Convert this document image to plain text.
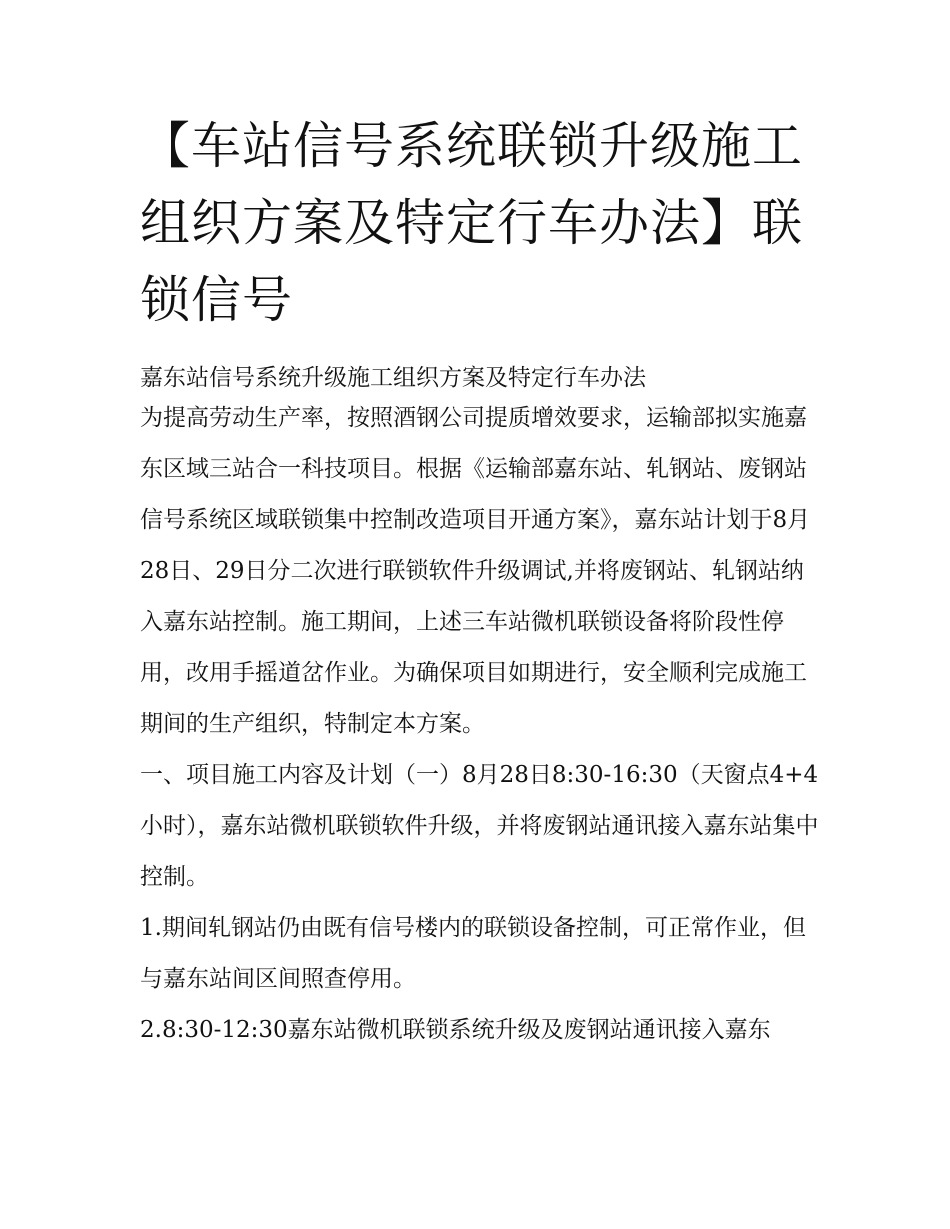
【车站信号系统联锁升级施工组织方案及特定行车办法】联锁信号

嘉东站信号系统升级施工组织方案及特定行车办法

为提高劳动生产率，按照酒钢公司提质增效要求，运输部拟实施嘉东区域三站合一科技项目。根据《运输部嘉东站、轧钢站、废钢站信号系统区域联锁集中控制改造项目开通方案》，嘉东站计划于8月28日、29日分二次进行联锁软件升级调试,并将废钢站、轧钢站纳入嘉东站控制。施工期间，上述三车站微机联锁设备将阶段性停用，改用手摇道岔作业。为确保项目如期进行，安全顺利完成施工期间的生产组织，特制定本方案。

一、项目施工内容及计划（一）8月28日8:30-16:30（天窗点4+4小时），嘉东站微机联锁软件升级，并将废钢站通讯接入嘉东站集中控制。

1.期间轧钢站仍由既有信号楼内的联锁设备控制，可正常作业，但与嘉东站间区间照查停用。

2.8:30-12:30嘉东站微机联锁系统升级及废钢站通讯接入嘉东
